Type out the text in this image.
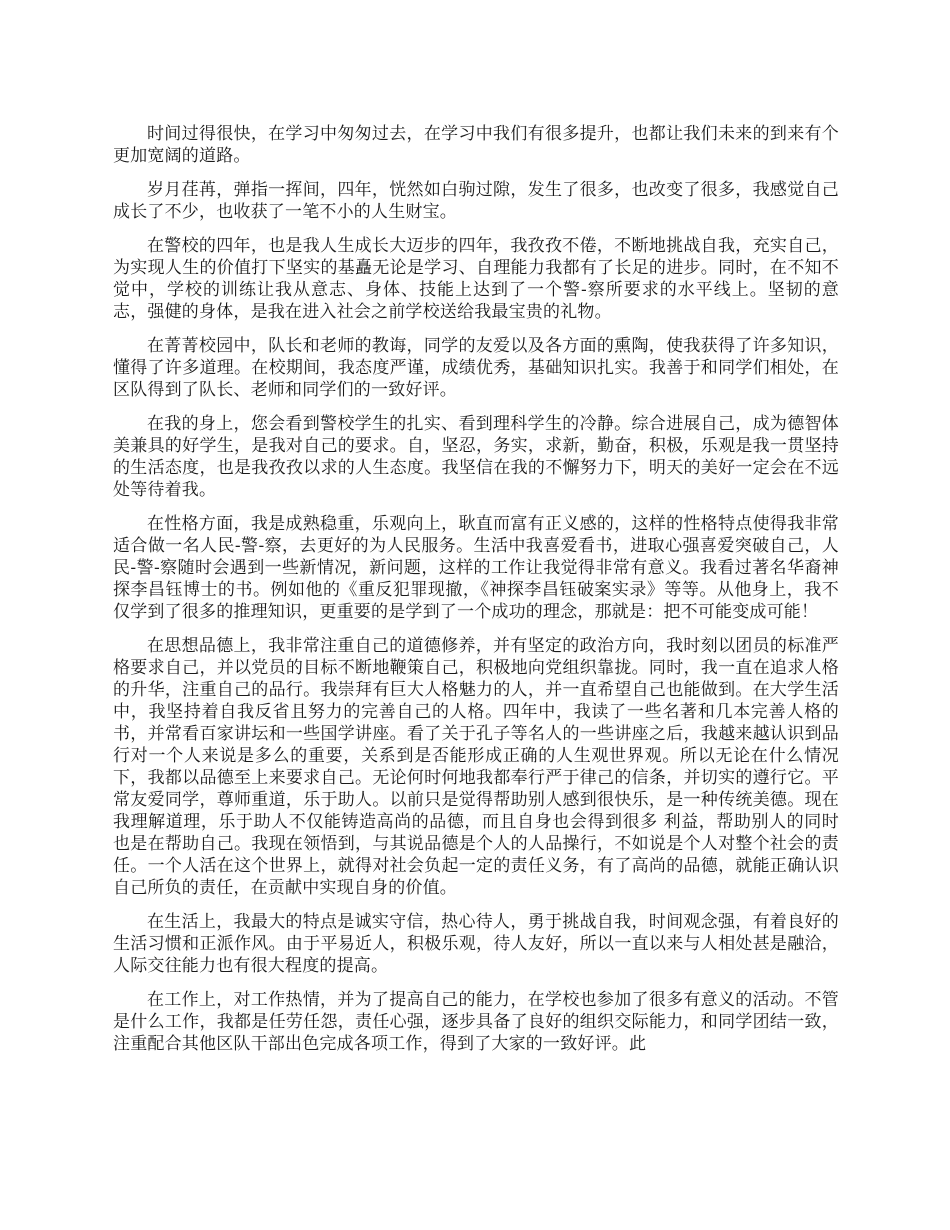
时间过得很快，在学习中匆匆过去，在学习中我们有很多提升，也都让我们未来的到来有个更加宽阔的道路。

岁月荏苒，弹指一挥间，四年，恍然如白驹过隙，发生了很多，也改变了很多，我感觉自己成长了不少，也收获了一笔不小的人生财宝。

在警校的四年，也是我人生成长大迈步的四年，我孜孜不倦，不断地挑战自我，充实自己，为实现人生的价值打下坚实的基矗无论是学习、自理能力我都有了长足的进步。同时，在不知不觉中，学校的训练让我从意志、身体、技能上达到了一个警-察所要求的水平线上。坚韧的意志，强健的身体，是我在进入社会之前学校送给我最宝贵的礼物。

在菁菁校园中，队长和老师的教诲，同学的友爱以及各方面的熏陶，使我获得了许多知识，懂得了许多道理。在校期间，我态度严谨，成绩优秀，基础知识扎实。我善于和同学们相处，在区队得到了队长、老师和同学们的一致好评。

在我的身上，您会看到警校学生的扎实、看到理科学生的冷静。综合进展自己，成为德智体美兼具的好学生，是我对自己的要求。自，坚忍，务实，求新，勤奋，积极，乐观是我一贯坚持的生活态度，也是我孜孜以求的人生态度。我坚信在我的不懈努力下，明天的美好一定会在不远处等待着我。

在性格方面，我是成熟稳重，乐观向上，耿直而富有正义感的，这样的性格特点使得我非常适合做一名人民-警-察，去更好的为人民服务。生活中我喜爱看书，进取心强喜爱突破自己，人民-警-察随时会遇到一些新情况，新问题，这样的工作让我觉得非常有意义。我看过著名华裔神探李昌钰博士的书。例如他的《重反犯罪现撤，《神探李昌钰破案实录》等等。从他身上，我不仅学到了很多的推理知识，更重要的是学到了一个成功的理念，那就是：把不可能变成可能！

在思想品德上，我非常注重自己的道德修养，并有坚定的政治方向，我时刻以团员的标准严格要求自己，并以党员的目标不断地鞭策自己，积极地向党组织靠拢。同时，我一直在追求人格的升华，注重自己的品行。我崇拜有巨大人格魅力的人，并一直希望自己也能做到。在大学生活中，我坚持着自我反省且努力的完善自己的人格。四年中，我读了一些名著和几本完善人格的书，并常看百家讲坛和一些国学讲座。看了关于孔子等名人的一些讲座之后，我越来越认识到品行对一个人来说是多么的重要，关系到是否能形成正确的人生观世界观。所以无论在什么情况下，我都以品德至上来要求自己。无论何时何地我都奉行严于律己的信条，并切实的遵行它。平常友爱同学，尊师重道，乐于助人。以前只是觉得帮助别人感到很快乐，是一种传统美德。现在我理解道理，乐于助人不仅能铸造高尚的品德，而且自身也会得到很多 利益，帮助别人的同时也是在帮助自己。我现在领悟到，与其说品德是个人的人品操行，不如说是个人对整个社会的责任。一个人活在这个世界上，就得对社会负起一定的责任义务，有了高尚的品德，就能正确认识自己所负的责任，在贡献中实现自身的价值。

在生活上，我最大的特点是诚实守信，热心待人，勇于挑战自我，时间观念强，有着良好的生活习惯和正派作风。由于平易近人，积极乐观，待人友好，所以一直以来与人相处甚是融洽，人际交往能力也有很大程度的提高。

在工作上，对工作热情，并为了提高自己的能力，在学校也参加了很多有意义的活动。不管是什么工作，我都是任劳任怨，责任心强，逐步具备了良好的组织交际能力，和同学团结一致，注重配合其他区队干部出色完成各项工作，得到了大家的一致好评。此
